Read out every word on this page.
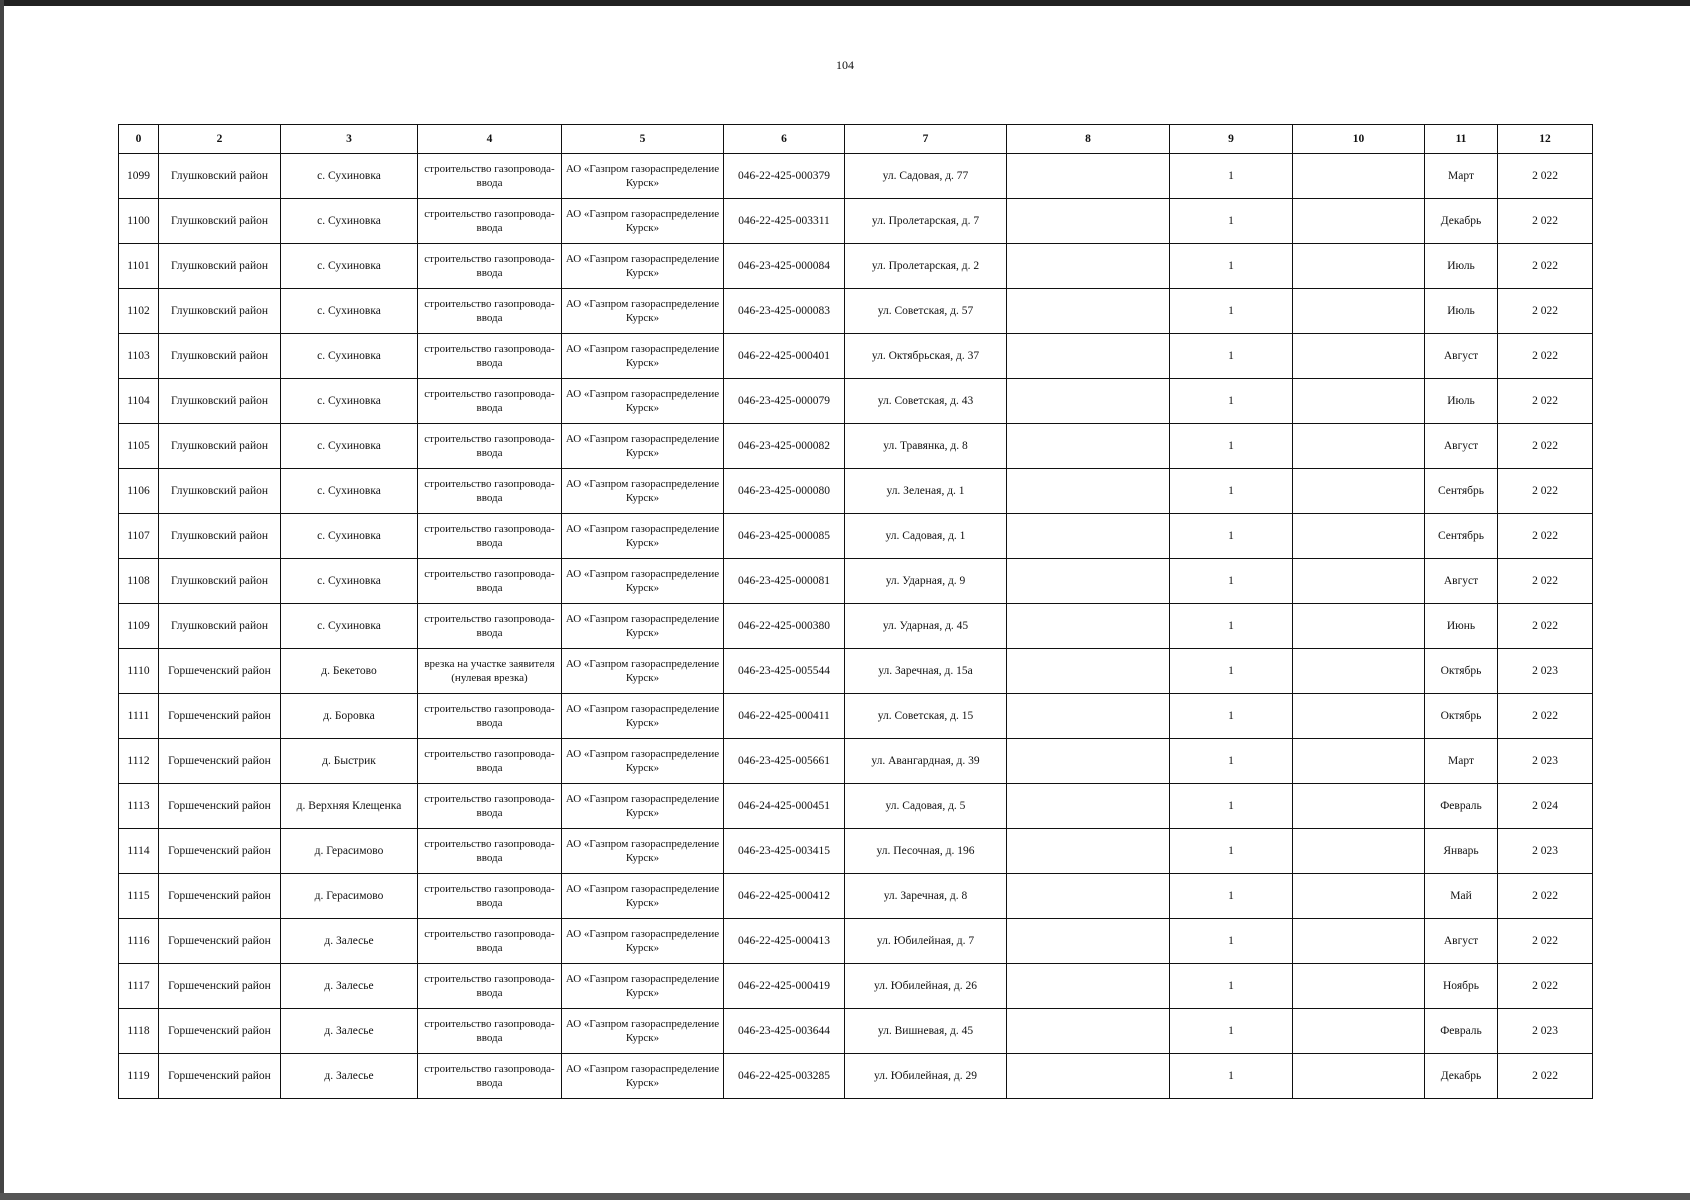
104
0	2	3	4	5	6	7	8	9	10	11	12
1099	Глушковский район	с. Сухиновка	строительство газопровода-ввода	АО «Газпром газораспределение Курск»	046-22-425-000379	ул. Садовая, д. 77		1		Март	2 022
1100	Глушковский район	с. Сухиновка	строительство газопровода-ввода	АО «Газпром газораспределение Курск»	046-22-425-003311	ул. Пролетарская, д. 7		1		Декабрь	2 022
1101	Глушковский район	с. Сухиновка	строительство газопровода-ввода	АО «Газпром газораспределение Курск»	046-23-425-000084	ул. Пролетарская, д. 2		1		Июль	2 022
1102	Глушковский район	с. Сухиновка	строительство газопровода-ввода	АО «Газпром газораспределение Курск»	046-23-425-000083	ул. Советская, д. 57		1		Июль	2 022
1103	Глушковский район	с. Сухиновка	строительство газопровода-ввода	АО «Газпром газораспределение Курск»	046-22-425-000401	ул. Октябрьская, д. 37		1		Август	2 022
1104	Глушковский район	с. Сухиновка	строительство газопровода-ввода	АО «Газпром газораспределение Курск»	046-23-425-000079	ул. Советская, д. 43		1		Июль	2 022
1105	Глушковский район	с. Сухиновка	строительство газопровода-ввода	АО «Газпром газораспределение Курск»	046-23-425-000082	ул. Травянка, д. 8		1		Август	2 022
1106	Глушковский район	с. Сухиновка	строительство газопровода-ввода	АО «Газпром газораспределение Курск»	046-23-425-000080	ул. Зеленая, д. 1		1		Сентябрь	2 022
1107	Глушковский район	с. Сухиновка	строительство газопровода-ввода	АО «Газпром газораспределение Курск»	046-23-425-000085	ул. Садовая, д. 1		1		Сентябрь	2 022
1108	Глушковский район	с. Сухиновка	строительство газопровода-ввода	АО «Газпром газораспределение Курск»	046-23-425-000081	ул. Ударная, д. 9		1		Август	2 022
1109	Глушковский район	с. Сухиновка	строительство газопровода-ввода	АО «Газпром газораспределение Курск»	046-22-425-000380	ул. Ударная, д. 45		1		Июнь	2 022
1110	Горшеченский район	д. Бекетово	врезка на участке заявителя (нулевая врезка)	АО «Газпром газораспределение Курск»	046-23-425-005544	ул. Заречная, д. 15а		1		Октябрь	2 023
1111	Горшеченский район	д. Боровка	строительство газопровода-ввода	АО «Газпром газораспределение Курск»	046-22-425-000411	ул. Советская, д. 15		1		Октябрь	2 022
1112	Горшеченский район	д. Быстрик	строительство газопровода-ввода	АО «Газпром газораспределение Курск»	046-23-425-005661	ул. Авангардная, д. 39		1		Март	2 023
1113	Горшеченский район	д. Верхняя Клещенка	строительство газопровода-ввода	АО «Газпром газораспределение Курск»	046-24-425-000451	ул. Садовая, д. 5		1		Февраль	2 024
1114	Горшеченский район	д. Герасимово	строительство газопровода-ввода	АО «Газпром газораспределение Курск»	046-23-425-003415	ул. Песочная, д. 196		1		Январь	2 023
1115	Горшеченский район	д. Герасимово	строительство газопровода-ввода	АО «Газпром газораспределение Курск»	046-22-425-000412	ул. Заречная, д. 8		1		Май	2 022
1116	Горшеченский район	д. Залесье	строительство газопровода-ввода	АО «Газпром газораспределение Курск»	046-22-425-000413	ул. Юбилейная, д. 7		1		Август	2 022
1117	Горшеченский район	д. Залесье	строительство газопровода-ввода	АО «Газпром газораспределение Курск»	046-22-425-000419	ул. Юбилейная, д. 26		1		Ноябрь	2 022
1118	Горшеченский район	д. Залесье	строительство газопровода-ввода	АО «Газпром газораспределение Курск»	046-23-425-003644	ул. Вишневая, д. 45		1		Февраль	2 023
1119	Горшеченский район	д. Залесье	строительство газопровода-ввода	АО «Газпром газораспределение Курск»	046-22-425-003285	ул. Юбилейная, д. 29		1		Декабрь	2 022
